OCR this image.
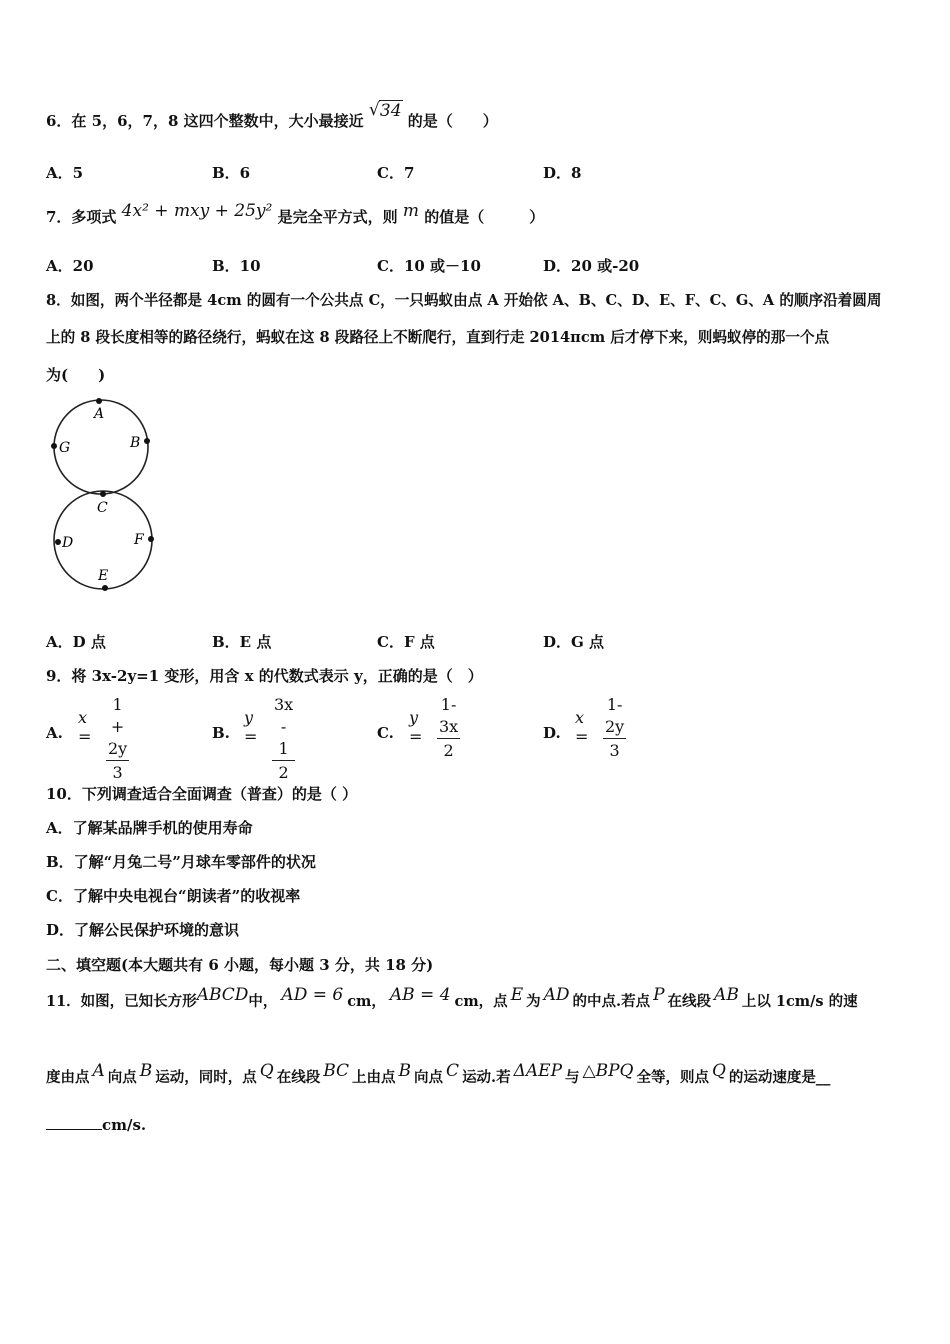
6．在 5，6，7，8 这四个整数中，大小最接近
√ 34 的是（　　）
A．5	B．6	C．7	D．8
7．多项式 4x² + mxy + 25y² 是完全平方式，则 m 的值是（　　　）
A．20	B．10	C．10 或－10	D．20 或-20
8．如图，两个半径都是 4cm 的圆有一个公共点 C，一只蚂蚁由点 A 开始依 A、B、C、D、E、F、C、G、A 的顺序沿着圆周
上的 8 段长度相等的路径绕行，蚂蚁在这 8 段路径上不断爬行，直到行走 2014πcm 后才停下来，则蚂蚁停的那一个点
为(　　)
A
B
G
C
D	F
E
A．D 点	B．E 点	C．F 点	D．G 点
9．将 3x-2y=1 变形，用含 x 的代数式表示 y，正确的是（　）
A.
$x = \frac{1 + 2y}{3}$	B.
$y = \frac{3x - 1}{2}$	C.
$y = \frac{1- 3x}{2}$	D.
$x = \frac{1- 2y}{3}$
10．下列调查适合全面调查（普查）的是（ ）
A．了解某品牌手机的使用寿命
B．了解“月兔二号”月球车零部件的状况
C．了解中央电视台“朗读者”的收视率
D．了解公民保护环境的意识
二、填空题(本大题共有 6 小题，每小题 3 分，共 18 分)
11．如图，已知长方形ABCD中， AD = 6 cm， AB = 4 cm，点 E 为 AD 的中点.若点 P 在线段 AB 上以 1cm/s 的速
度由点 A 向点 B 运动，同时，点 Q 在线段 BC 上由点 B 向点 C 运动.若 ΔAEP 与 △BPQ 全等，则点 Q 的运动速度是__
cm/s.
